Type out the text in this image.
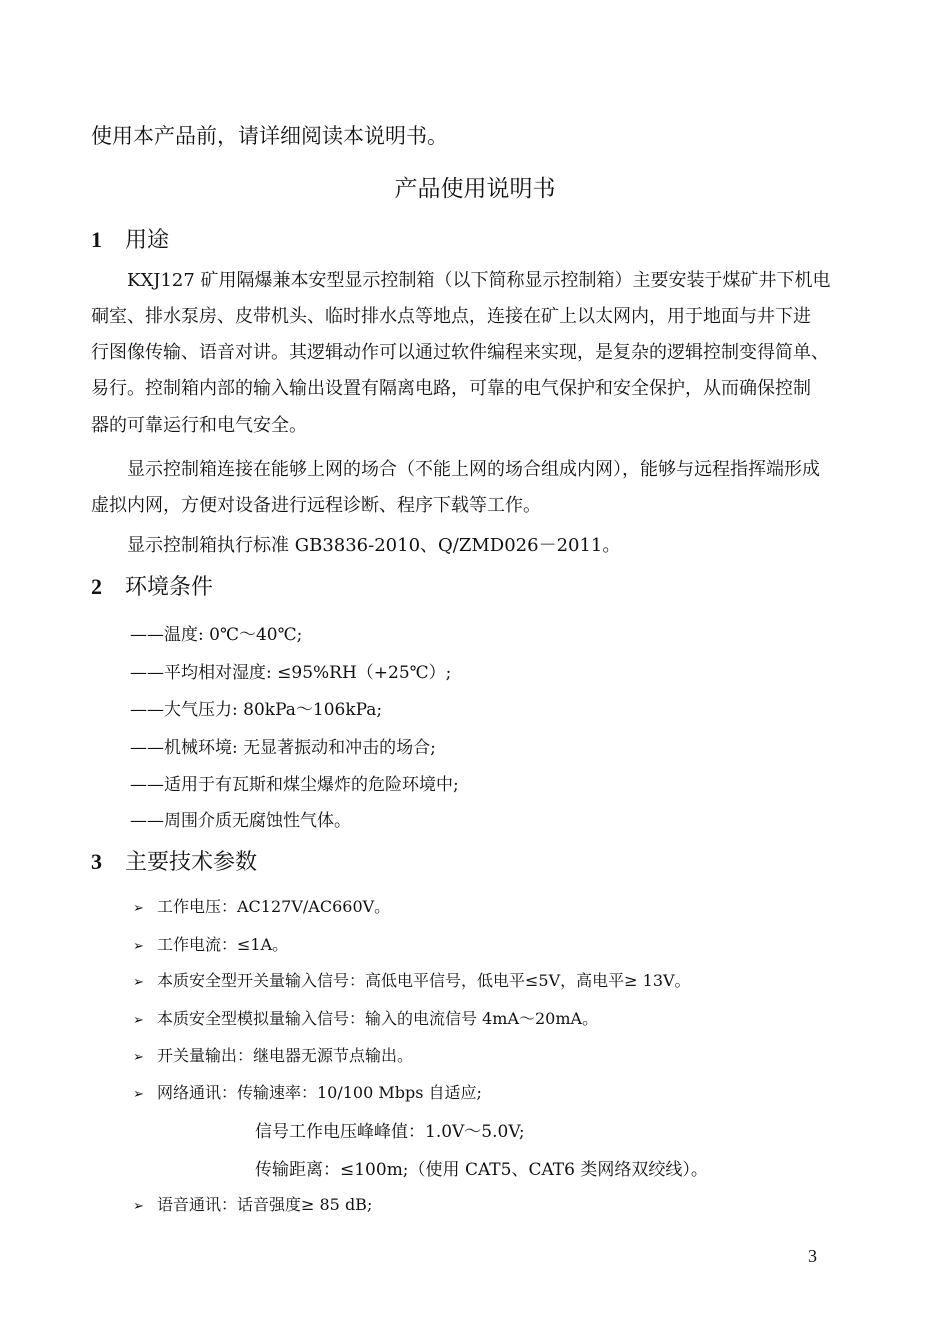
使用本产品前，请详细阅读本说明书。
产品使用说明书
1 用途
KXJ127 矿用隔爆兼本安型显示控制箱（以下简称显示控制箱）主要安装于煤矿井下机电
硐室、排水泵房、皮带机头、临时排水点等地点，连接在矿上以太网内，用于地面与井下进
行图像传输、语音对讲。其逻辑动作可以通过软件编程来实现，是复杂的逻辑控制变得简单、
易行。控制箱内部的输入输出设置有隔离电路，可靠的电气保护和安全保护，从而确保控制
器的可靠运行和电气安全。
显示控制箱连接在能够上网的场合（不能上网的场合组成内网），能够与远程指挥端形成
虚拟内网，方便对设备进行远程诊断、程序下载等工作。
显示控制箱执行标准 GB3836-2010、Q/ZMD026－2011。
2 环境条件
——温度: 0℃～40℃;
——平均相对湿度: ≤95%RH（+25℃）;
——大气压力: 80kPa～106kPa;
——机械环境: 无显著振动和冲击的场合;
——适用于有瓦斯和煤尘爆炸的危险环境中;
——周围介质无腐蚀性气体。
3 主要技术参数
➢ 工作电压：AC127V/AC660V。
➢ 工作电流：≤1A。
➢ 本质安全型开关量输入信号：高低电平信号，低电平≤5V，高电平≥ 13V。
➢ 本质安全型模拟量输入信号：输入的电流信号 4mA～20mA。
➢ 开关量输出：继电器无源节点输出。
➢ 网络通讯：传输速率：10/100 Mbps 自适应;
信号工作电压峰峰值：1.0V～5.0V;
传输距离：≤100m;（使用 CAT5、CAT6 类网络双绞线）。
➢ 语音通讯：话音强度≥ 85 dB;
3
